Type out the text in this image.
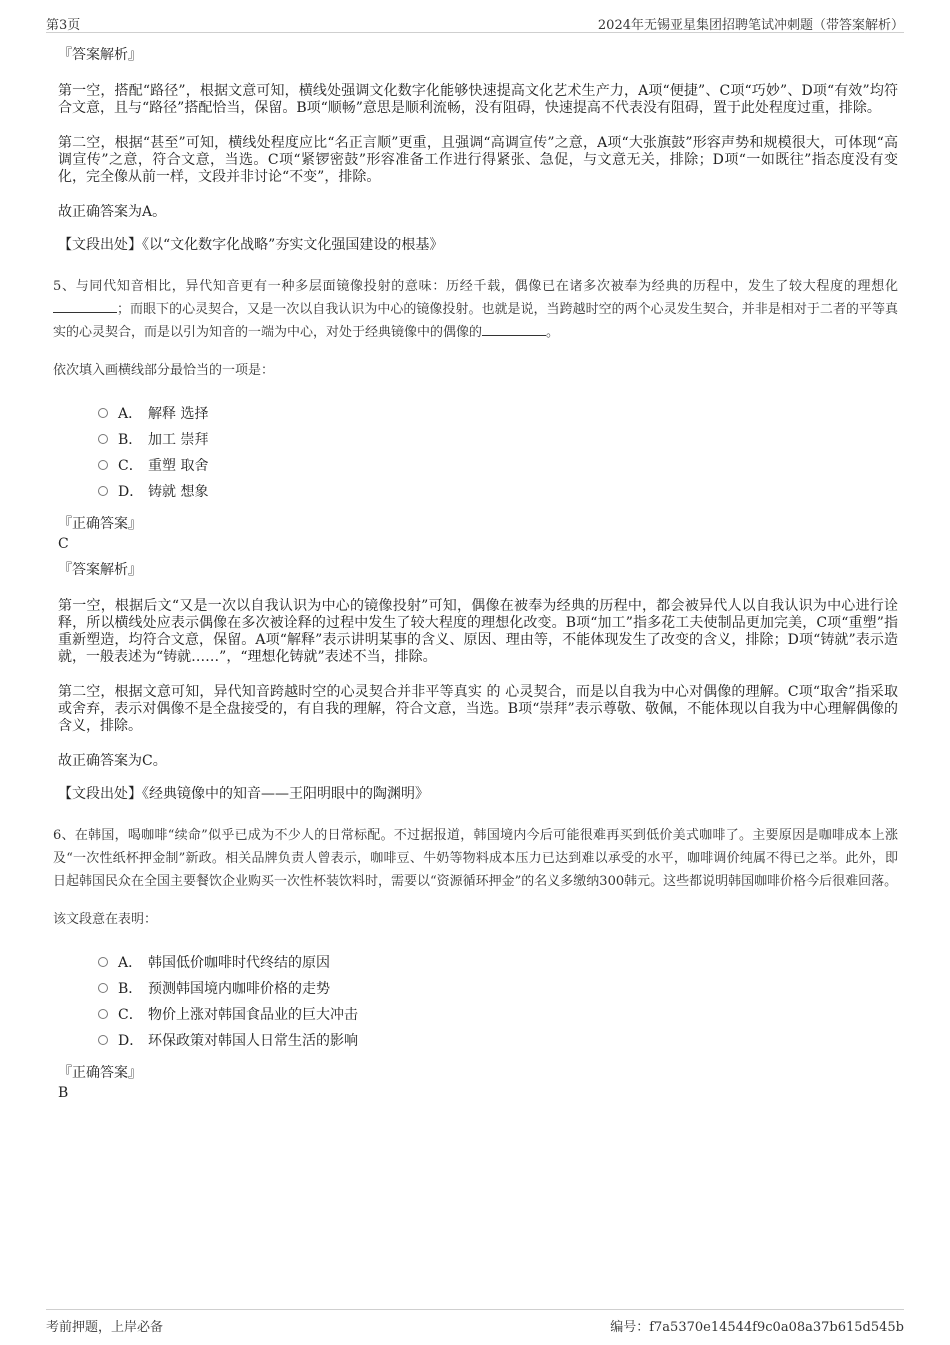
第3页	2024年无锡亚星集团招聘笔试冲刺题（带答案解析）
『答案解析』
第一空，搭配“路径”，根据文意可知，横线处强调文化数字化能够快速提高文化艺术生产力，A项“便捷”、C项“巧妙”、D项“有效”均符合文意，且与“路径”搭配恰当，保留。B项“顺畅”意思是顺利流畅，没有阻碍，快速提高不代表没有阻碍，置于此处程度过重，排除。
第二空，根据“甚至”可知，横线处程度应比“名正言顺”更重，且强调“高调宣传”之意，A项“大张旗鼓”形容声势和规模很大，可体现“高调宣传”之意，符合文意，当选。C项“紧锣密鼓”形容准备工作进行得紧张、急促，与文意无关，排除；D项“一如既往”指态度没有变化，完全像从前一样，文段并非讨论“不变”，排除。
故正确答案为A。
【文段出处】《以“文化数字化战略”夯实文化强国建设的根基》
5、与同代知音相比，异代知音更有一种多层面镜像投射的意味：历经千载，偶像已在诸多次被奉为经典的历程中，发生了较大程度的理想化；而眼下的心灵契合，又是一次以自我认识为中心的镜像投射。也就是说，当跨越时空的两个心灵发生契合，并非是相对于二者的平等真实的心灵契合，而是以引为知音的一端为中心，对处于经典镜像中的偶像的	。
依次填入画横线部分最恰当的一项是：
A． 解释 选择
B． 加工 崇拜
C． 重塑 取舍
D． 铸就 想象
『正确答案』
C
『答案解析』
第一空，根据后文“又是一次以自我认识为中心的镜像投射”可知，偶像在被奉为经典的历程中，都会被异代人以自我认识为中心进行诠释，所以横线处应表示偶像在多次被诠释的过程中发生了较大程度的理想化改变。B项“加工”指多花工夫使制品更加完美，C项“重塑”指重新塑造，均符合文意，保留。A项“解释”表示讲明某事的含义、原因、理由等，不能体现发生了改变的含义，排除；D项“铸就”表示造就，一般表述为“铸就……”，“理想化铸就”表述不当，排除。
第二空，根据文意可知，异代知音跨越时空的心灵契合并非平等真实 的 心灵契合，而是以自我为中心对偶像的理解。C项“取舍”指采取或舍弃，表示对偶像不是全盘接受的，有自我的理解，符合文意，当选。B项“崇拜”表示尊敬、敬佩，不能体现以自我为中心理解偶像的含义，排除。
故正确答案为C。
【文段出处】《经典镜像中的知音——王阳明眼中的陶渊明》
6、在韩国，喝咖啡“续命”似乎已成为不少人的日常标配。不过据报道，韩国境内今后可能很难再买到低价美式咖啡了。主要原因是咖啡成本上涨及“一次性纸杯押金制”新政。相关品牌负责人曾表示，咖啡豆、牛奶等物料成本压力已达到难以承受的水平，咖啡调价纯属不得已之举。此外，即日起韩国民众在全国主要餐饮企业购买一次性杯装饮料时，需要以“资源循环押金”的名义多缴纳300韩元。这些都说明韩国咖啡价格今后很难回落。
该文段意在表明：
A． 韩国低价咖啡时代终结的原因
B． 预测韩国境内咖啡价格的走势
C． 物价上涨对韩国食品业的巨大冲击
D． 环保政策对韩国人日常生活的影响
『正确答案』
B
考前押题，上岸必备	编号：f7a5370e14544f9c0a08a37b615d545b
